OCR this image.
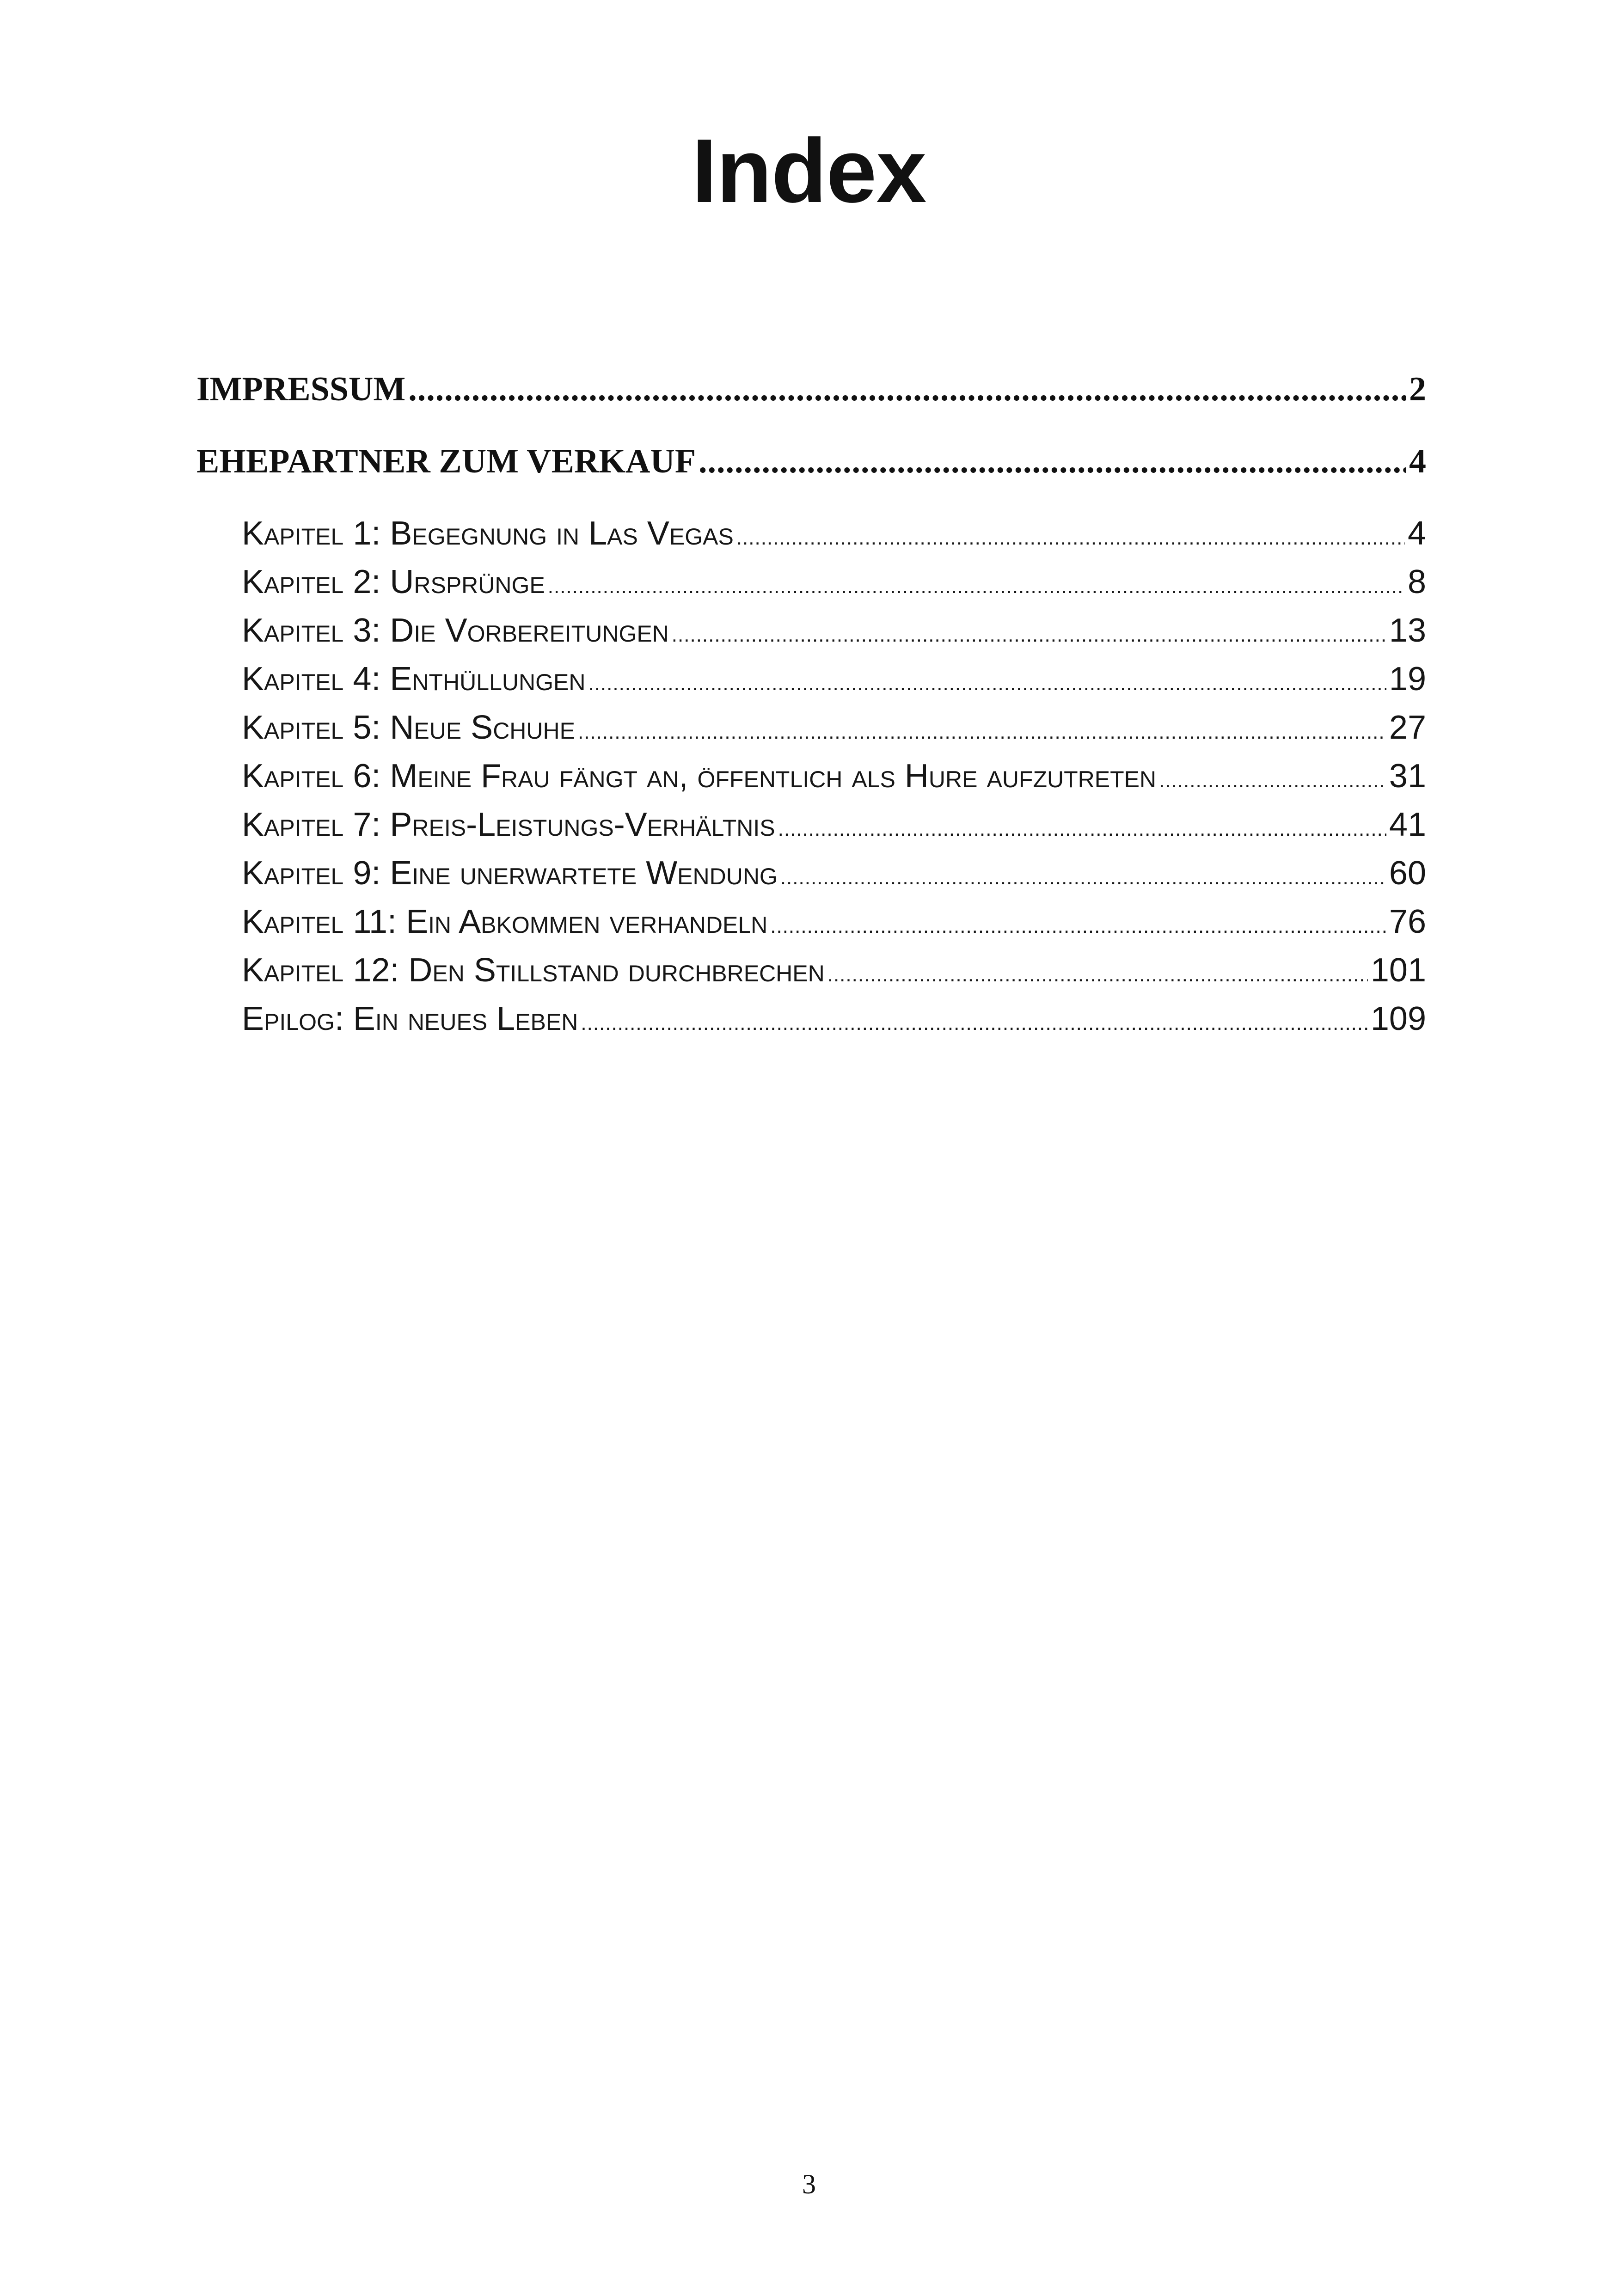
Index
IMPRESSUM .....	2
EHEPARTNER ZUM VERKAUF .....	4
Kapitel 1: Begegnung in Las Vegas .....	4
Kapitel 2: Ursprünge .....	8
Kapitel 3: Die Vorbereitungen .....	13
Kapitel 4: Enthüllungen .....	19
Kapitel 5: Neue Schuhe .....	27
Kapitel 6: Meine Frau fängt an, öffentlich als Hure aufzutreten .....	31
Kapitel 7: Preis-Leistungs-Verhältnis .....	41
Kapitel 9: Eine unerwartete Wendung .....	60
Kapitel 11: Ein Abkommen verhandeln .....	76
Kapitel 12: Den Stillstand durchbrechen .....	101
Epilog: Ein neues Leben .....	109
3
